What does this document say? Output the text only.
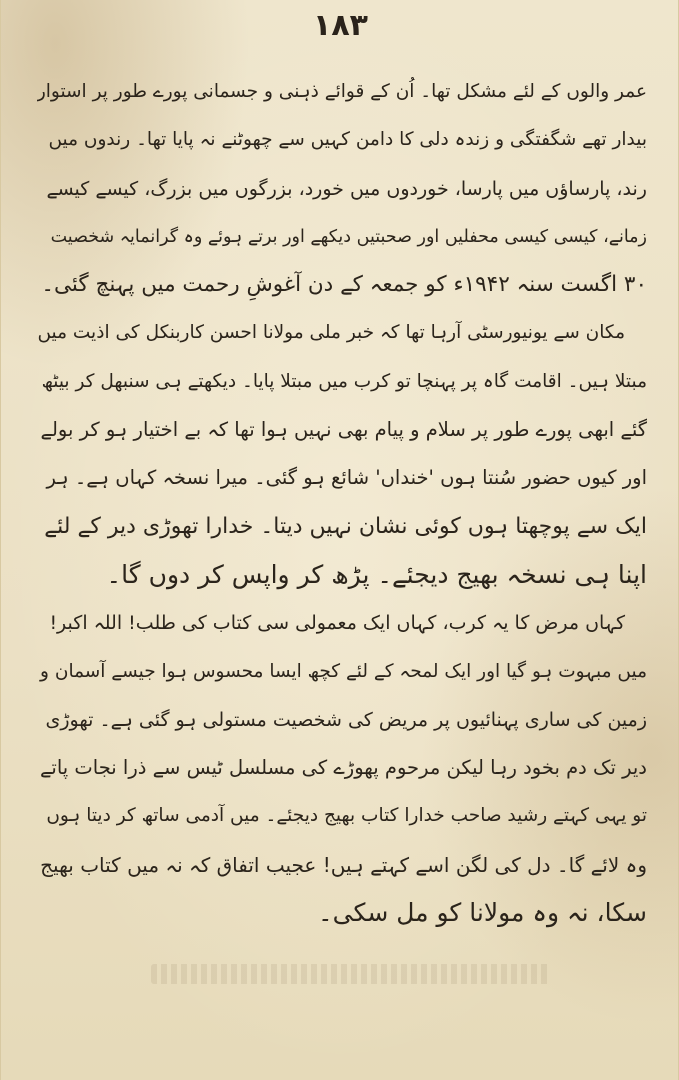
۱۸۳
عمر والوں کے لئے مشکل تھا۔ اُن کے قوائے ذہنی و جسمانی پورے طور پر استوار
بیدار تھے شگفتگی و زندہ دلی کا دامن کہیں سے چھوٹنے نہ پایا تھا۔ رندوں میں
رند، پارساؤں میں پارسا، خوردوں میں خورد، بزرگوں میں بزرگ، کیسے کیسے
زمانے، کیسی کیسی محفلیں اور صحبتیں دیکھے اور برتے ہوئے وہ گرانمایہ شخصیت
۳۰ اگست سنہ ۱۹۴۲ء کو جمعہ کے دن آغوشِ رحمت میں پہنچ گئی۔
مکان سے یونیورسٹی آرہا تھا کہ خبر ملی مولانا احسن کاربنکل کی اذیت میں
مبتلا ہیں۔ اقامت گاہ پر پہنچا تو کرب میں مبتلا پایا۔ دیکھتے ہی سنبھل کر بیٹھ
گئے ابھی پورے طور پر سلام و پیام بھی نہیں ہوا تھا کہ بے اختیار ہو کر بولے
اور کیوں حضور سُنتا ہوں 'خنداں' شائع ہو گئی۔ میرا نسخہ کہاں ہے۔ ہر
ایک سے پوچھتا ہوں کوئی نشان نہیں دیتا۔ خدارا تھوڑی دیر کے لئے
اپنا ہی نسخہ بھیج دیجئے۔ پڑھ کر واپس کر دوں گا۔
کہاں مرض کا یہ کرب، کہاں ایک معمولی سی کتاب کی طلب! اللہ اکبر!
میں مبہوت ہو گیا اور ایک لمحہ کے لئے کچھ ایسا محسوس ہوا جیسے آسمان و
زمین کی ساری پہنائیوں پر مریض کی شخصیت مستولی ہو گئی ہے۔ تھوڑی
دیر تک دم بخود رہا لیکن مرحوم پھوڑے کی مسلسل ٹیس سے ذرا نجات پاتے
تو یہی کہتے رشید صاحب خدارا کتاب بھیج دیجئے۔ میں آدمی ساتھ کر دیتا ہوں
وہ لائے گا۔ دل کی لگن اسے کہتے ہیں! عجیب اتفاق کہ نہ میں کتاب بھیج
سکا، نہ وہ مولانا کو مل سکی۔
